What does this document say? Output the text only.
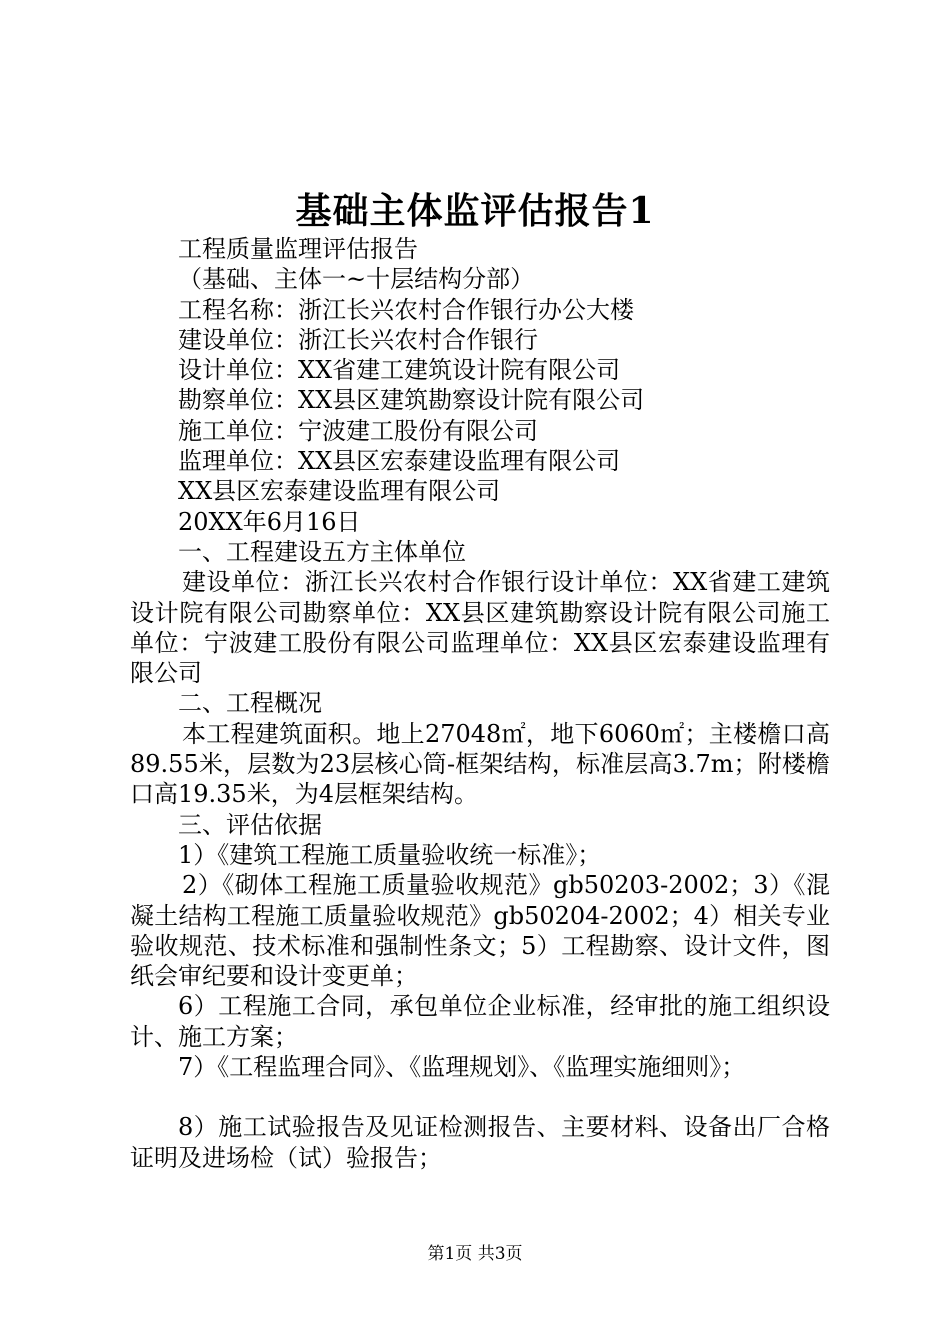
基础主体监评估报告1

工程质量监理评估报告

（基础、主体一~十层结构分部）

工程名称：浙江长兴农村合作银行办公大楼

建设单位：浙江长兴农村合作银行

设计单位：XX省建工建筑设计院有限公司

勘察单位：XX县区建筑勘察设计院有限公司

施工单位：宁波建工股份有限公司

监理单位：XX县区宏泰建设监理有限公司

XX县区宏泰建设监理有限公司

20XX年6月16日

一、工程建设五方主体单位

建设单位：浙江长兴农村合作银行设计单位：XX省建工建筑设计院有限公司勘察单位：XX县区建筑勘察设计院有限公司施工单位：宁波建工股份有限公司监理单位：XX县区宏泰建设监理有限公司

二、工程概况

本工程建筑面积。地上27048㎡，地下6060㎡；主楼檐口高89.55米，层数为23层核心筒-框架结构，标准层高3.7m；附楼檐口高19.35米，为4层框架结构。

三、评估依据

1）《建筑工程施工质量验收统一标准》；

2）《砌体工程施工质量验收规范》gb50203-2002；3）《混凝土结构工程施工质量验收规范》gb50204-2002；4）相关专业验收规范、技术标准和强制性条文；5）工程勘察、设计文件，图纸会审纪要和设计变更单；

6）工程施工合同，承包单位企业标准，经审批的施工组织设计、施工方案；

7）《工程监理合同》、《监理规划》、《监理实施细则》；

8）施工试验报告及见证检测报告、主要材料、设备出厂合格证明及进场检（试）验报告；

第1页 共3页
